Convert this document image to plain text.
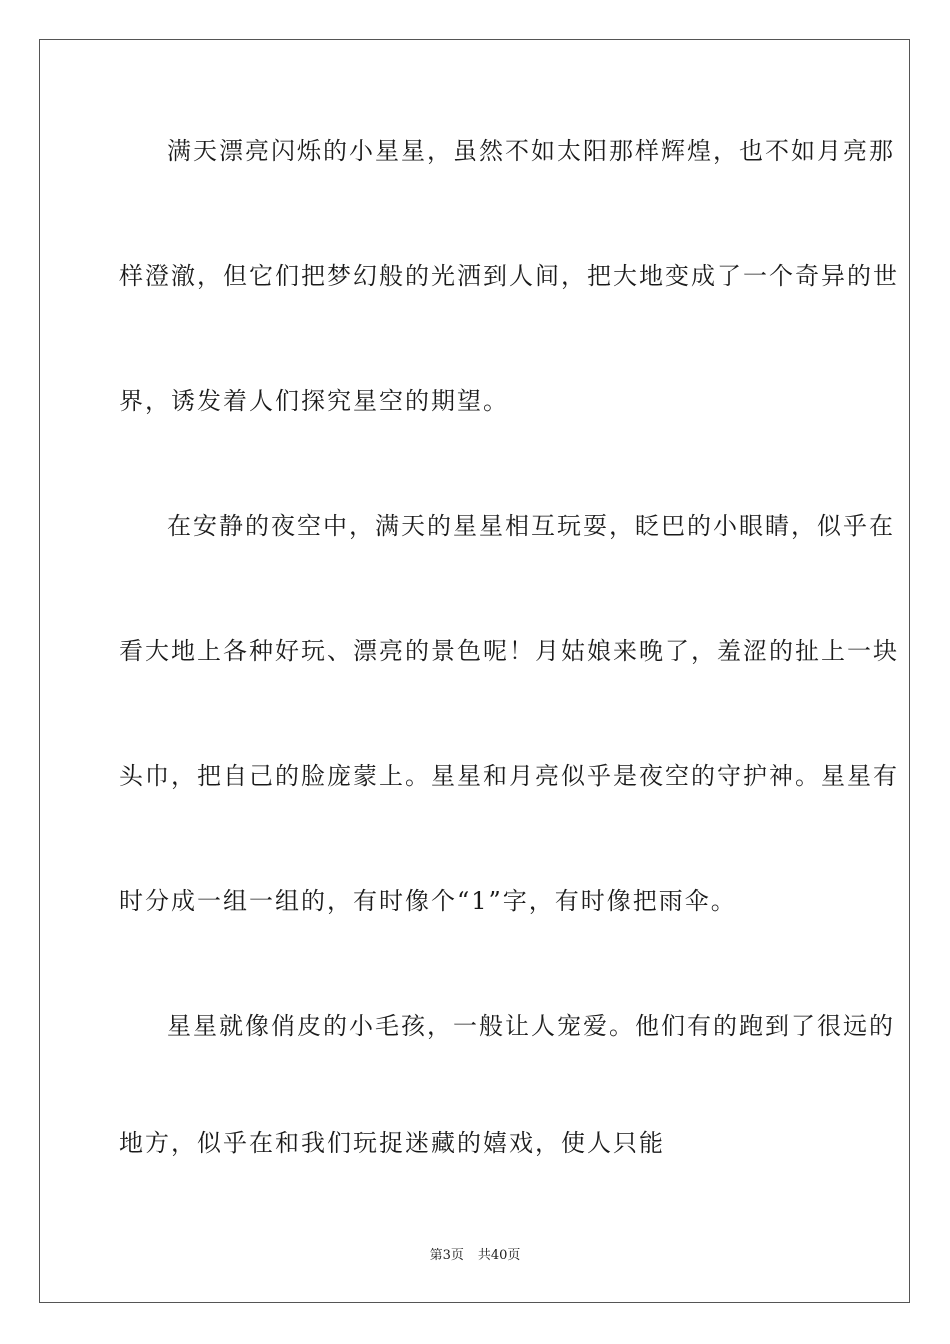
满天漂亮闪烁的小星星，虽然不如太阳那样辉煌，也不如月亮那
样澄澈，但它们把梦幻般的光洒到人间，把大地变成了一个奇异的世
界，诱发着人们探究星空的期望。
在安静的夜空中，满天的星星相互玩耍，眨巴的小眼睛，似乎在
看大地上各种好玩、漂亮的景色呢！月姑娘来晚了，羞涩的扯上一块
头巾，把自己的脸庞蒙上。星星和月亮似乎是夜空的守护神。星星有
时分成一组一组的，有时像个“1”字，有时像把雨伞。
星星就像俏皮的小毛孩，一般让人宠爱。他们有的跑到了很远的
地方，似乎在和我们玩捉迷藏的嬉戏，使人只能
第3页 共40页
